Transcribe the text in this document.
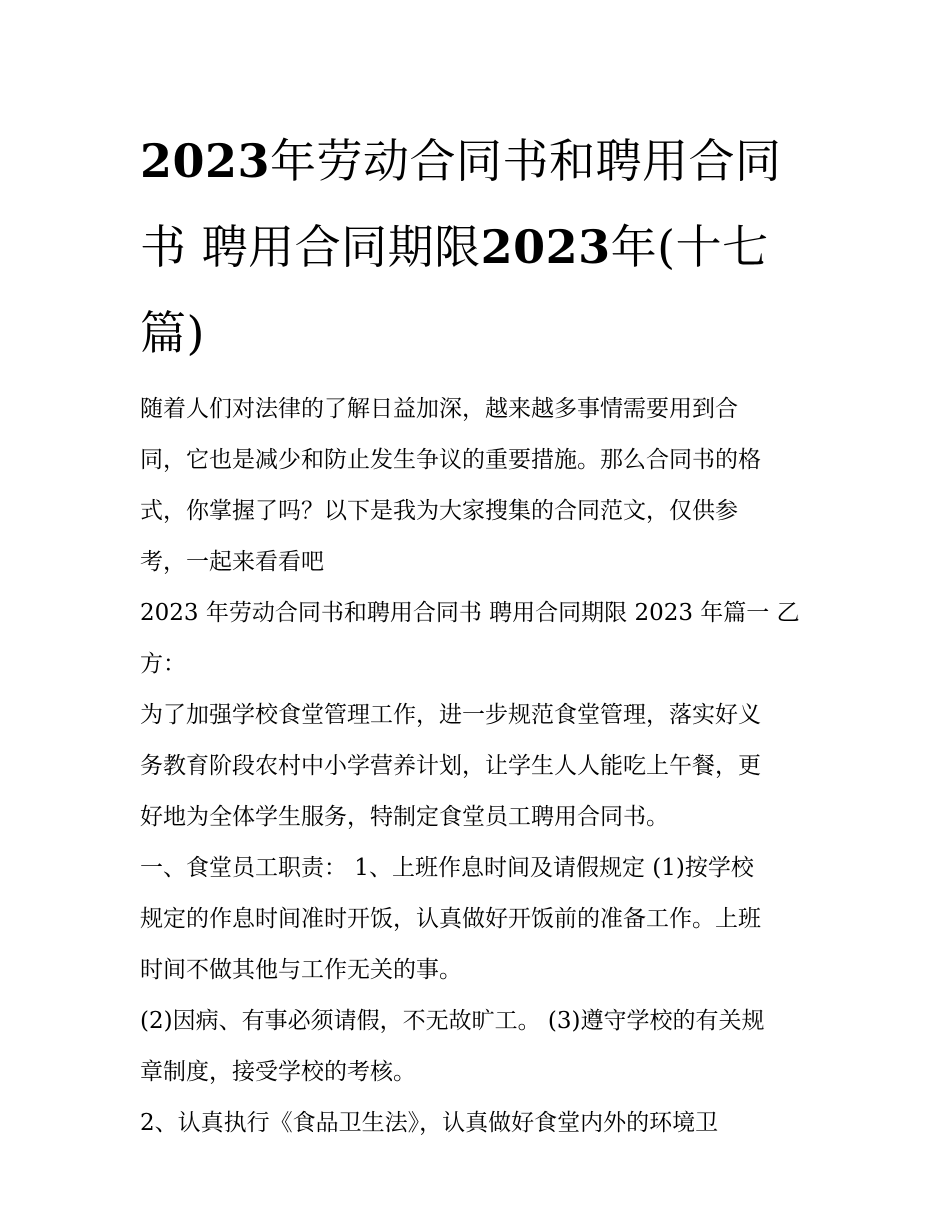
2023年劳动合同书和聘用合同
书 聘用合同期限2023年(十七
篇)

随着人们对法律的了解日益加深，越来越多事情需要用到合
同，它也是减少和防止发生争议的重要措施。那么合同书的格
式，你掌握了吗？以下是我为大家搜集的合同范文，仅供参
考，一起来看看吧

2023 年劳动合同书和聘用合同书 聘用合同期限 2023 年篇一 乙
方：

为了加强学校食堂管理工作，进一步规范食堂管理，落实好义
务教育阶段农村中小学营养计划，让学生人人能吃上午餐，更
好地为全体学生服务，特制定食堂员工聘用合同书。

一、食堂员工职责： 1、上班作息时间及请假规定 (1)按学校
规定的作息时间准时开饭，认真做好开饭前的准备工作。上班
时间不做其他与工作无关的事。

(2)因病、有事必须请假，不无故旷工。 (3)遵守学校的有关规
章制度，接受学校的考核。

2、认真执行《食品卫生法》，认真做好食堂内外的环境卫
